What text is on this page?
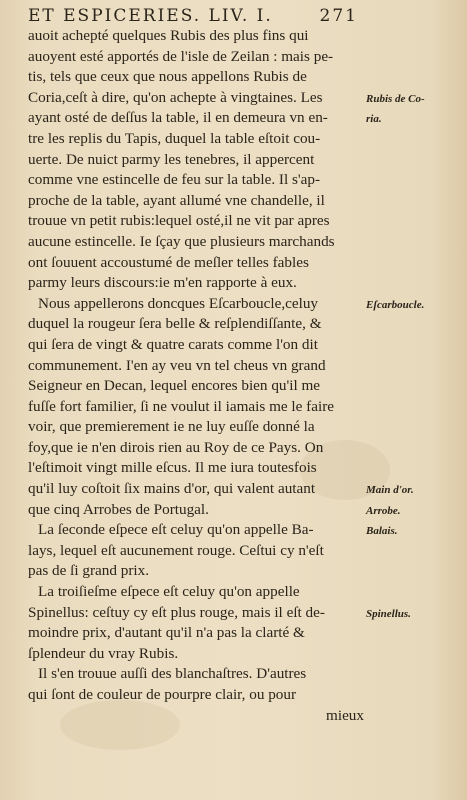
ET ESPICERIES. LIV. I.	271
auoit achepté quelques Rubis des plus fins qui
auoyent esté apportés de l'isle de Zeilan : mais pe-
tis, tels que ceux que nous appellons Rubis de
Coria,ceſt à dire, qu'on achepte à vingtaines. Les
ayant osté de deſſus la table, il en demeura vn en-
tre les replis du Tapis, duquel la table eſtoit cou-
uerte. De nuict parmy les tenebres, il appercent
comme vne estincelle de feu sur la table. Il s'ap-
proche de la table, ayant allumé vne chandelle, il
trouue vn petit rubis:lequel osté,il ne vit par apres
aucune estincelle. Ie ſçay que plusieurs marchands
ont ſouuent accoustumé de meſler telles fables
parmy leurs discours:ie m'en rapporte à eux.
Nous appellerons doncques Eſcarboucle,celuy
duquel la rougeur ſera belle & reſplendiſſante, &
qui ſera de vingt & quatre carats comme l'on dit
communement. I'en ay veu vn tel cheus vn grand
Seigneur en Decan, lequel encores bien qu'il me
fuſſe fort familier, ſi ne voulut il iamais me le faire
voir, que premierement ie ne luy euſſe donné la
foy,que ie n'en dirois rien au Roy de ce Pays. On
l'eſtimoit vingt mille eſcus. Il me iura toutesfois
qu'il luy coſtoit ſix mains d'or, qui valent autant
que cinq Arrobes de Portugal.
La ſeconde eſpece eſt celuy qu'on appelle Ba-
lays, lequel eſt aucunement rouge. Ceſtui cy n'eſt
pas de ſi grand prix.
La troiſieſme eſpece eſt celuy qu'on appelle
Spinellus: ceſtuy cy eſt plus rouge, mais il eſt de-
moindre prix, d'autant qu'il n'a pas la clarté &
ſplendeur du vray Rubis.
Il s'en trouue auſſi des blanchaſtres. D'autres
qui ſont de couleur de pourpre clair, ou pour
mieux
Rubis de Co-
ria.
Eſcarboucle.
Main d'or.
Arrobe.
Balais.
Spinellus.
